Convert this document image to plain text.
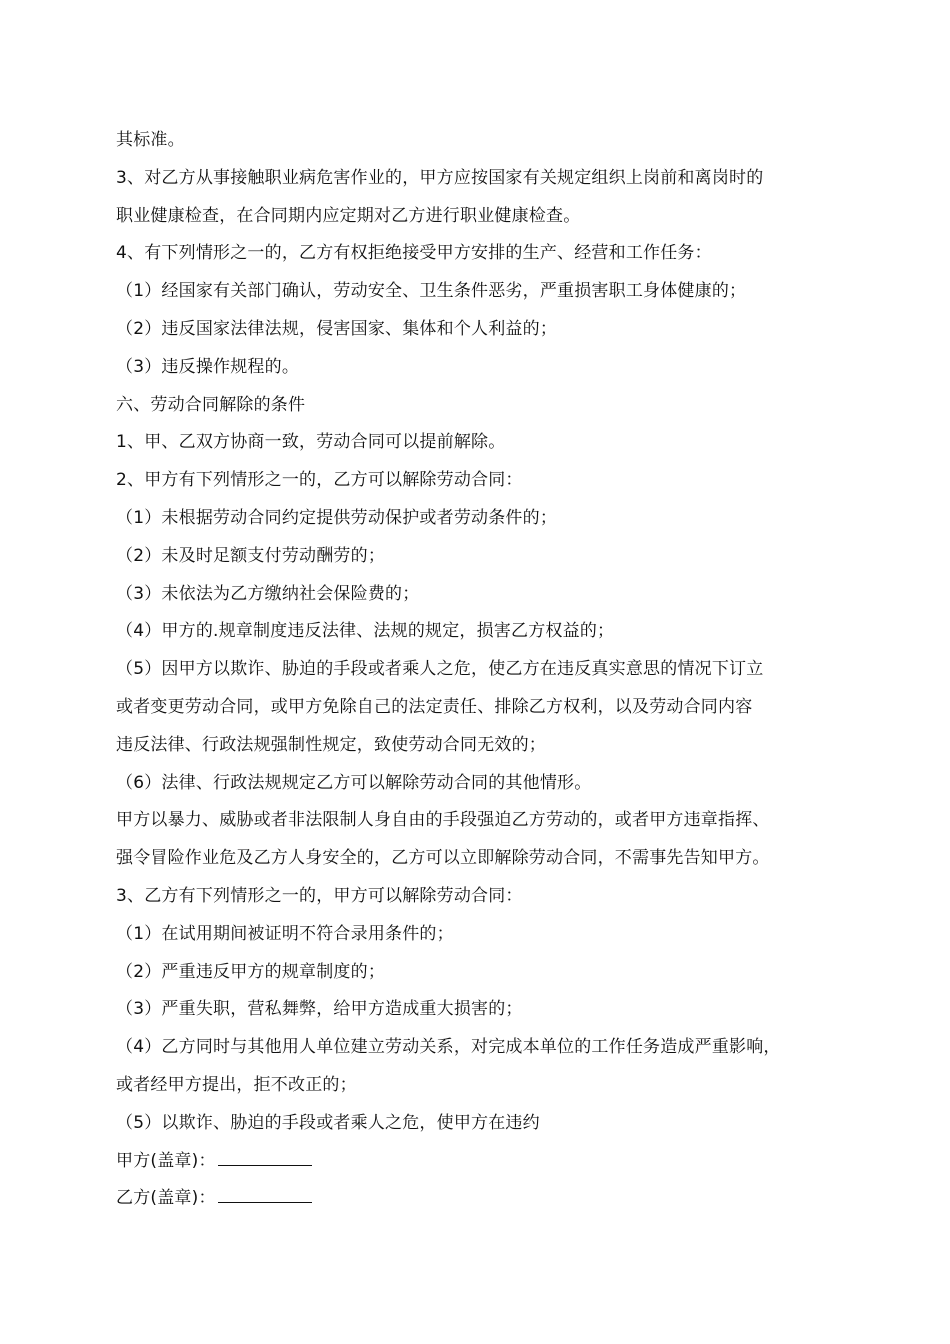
其标准。
3、对乙方从事接触职业病危害作业的，甲方应按国家有关规定组织上岗前和离岗时的
职业健康检查，在合同期内应定期对乙方进行职业健康检查。
4、有下列情形之一的，乙方有权拒绝接受甲方安排的生产、经营和工作任务：
（1）经国家有关部门确认，劳动安全、卫生条件恶劣，严重损害职工身体健康的；
（2）违反国家法律法规，侵害国家、集体和个人利益的；
（3）违反操作规程的。
六、劳动合同解除的条件
1、甲、乙双方协商一致，劳动合同可以提前解除。
2、甲方有下列情形之一的，乙方可以解除劳动合同：
（1）未根据劳动合同约定提供劳动保护或者劳动条件的；
（2）未及时足额支付劳动酬劳的；
（3）未依法为乙方缴纳社会保险费的；
（4）甲方的.规章制度违反法律、法规的规定，损害乙方权益的；
（5）因甲方以欺诈、胁迫的手段或者乘人之危，使乙方在违反真实意思的情况下订立
或者变更劳动合同，或甲方免除自己的法定责任、排除乙方权利，以及劳动合同内容
违反法律、行政法规强制性规定，致使劳动合同无效的；
（6）法律、行政法规规定乙方可以解除劳动合同的其他情形。
甲方以暴力、威胁或者非法限制人身自由的手段强迫乙方劳动的，或者甲方违章指挥、
强令冒险作业危及乙方人身安全的，乙方可以立即解除劳动合同，不需事先告知甲方。
3、乙方有下列情形之一的，甲方可以解除劳动合同：
（1）在试用期间被证明不符合录用条件的；
（2）严重违反甲方的规章制度的；
（3）严重失职，营私舞弊，给甲方造成重大损害的；
（4）乙方同时与其他用人单位建立劳动关系，对完成本单位的工作任务造成严重影响，
或者经甲方提出，拒不改正的；
（5）以欺诈、胁迫的手段或者乘人之危，使甲方在违约
甲方(盖章)：
乙方(盖章)：
